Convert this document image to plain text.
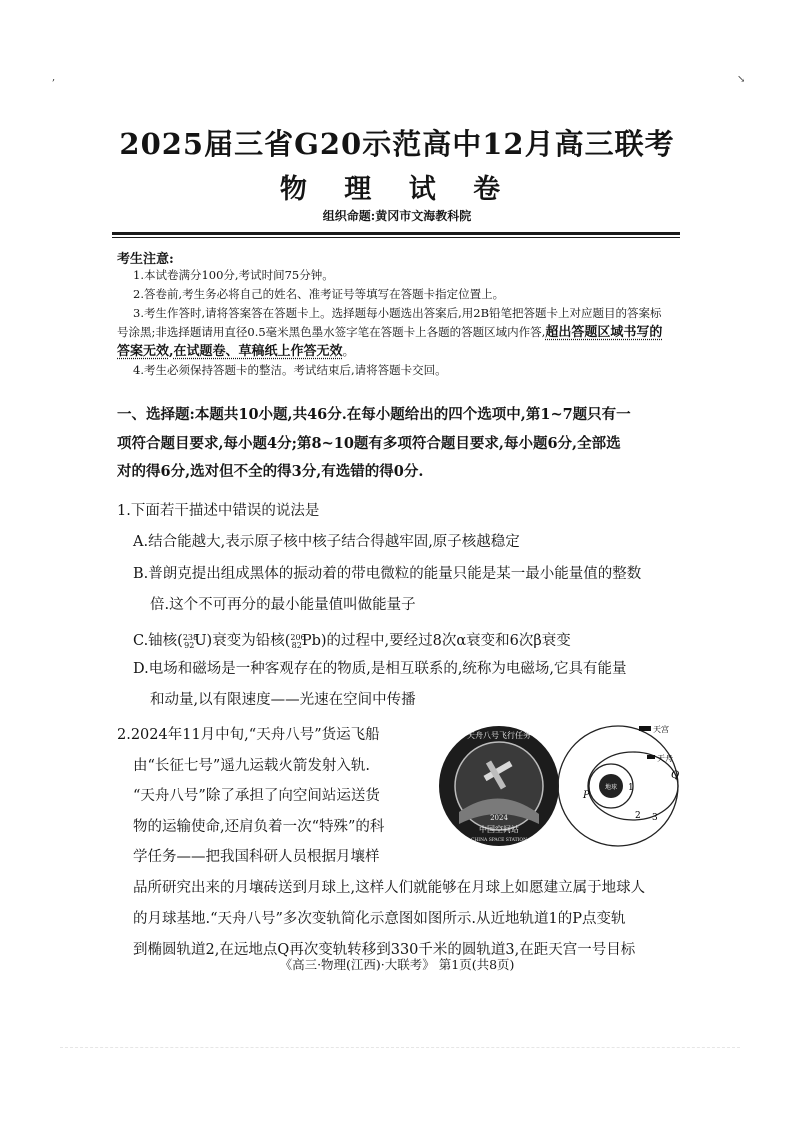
,	↘
2025届三省G20示范高中12月高三联考
物 理 试 卷
组织命题:黄冈市文海教科院
考生注意:
1.本试卷满分100分,考试时间75分钟。
2.答卷前,考生务必将自己的姓名、准考证号等填写在答题卡指定位置上。
3.考生作答时,请将答案答在答题卡上。选择题每小题选出答案后,用2B铅笔把答题卡上对应题目的答案标
号涂黑;非选择题请用直径0.5毫米黑色墨水签字笔在答题卡上各题的答题区域内作答,超出答题区域书写的
答案无效,在试题卷、草稿纸上作答无效。
4.考生必须保持答题卡的整洁。考试结束后,请将答题卡交回。
一、选择题:本题共10小题,共46分.在每小题给出的四个选项中,第1~7题只有一
项符合题目要求,每小题4分;第8~10题有多项符合题目要求,每小题6分,全部选
对的得6分,选对但不全的得3分,有选错的得0分.
1.下面若干描述中错误的说法是
A.结合能越大,表示原子核中核子结合得越牢固,原子核越稳定
B.普朗克提出组成黑体的振动着的带电微粒的能量只能是某一最小能量值的整数
倍.这个不可再分的最小能量值叫做能量子
C.铀核($^{238}_{92}$U)衰变为铅核($^{206}_{82}$Pb)的过程中,要经过8次α衰变和6次β衰变
D.电场和磁场是一种客观存在的物质,是相互联系的,统称为电磁场,它具有能量
和动量,以有限速度——光速在空间中传播
2.2024年11月中旬,“天舟八号”货运飞船
由“长征七号”遥九运载火箭发射入轨.
“天舟八号”除了承担了向空间站运送货
物的运输使命,还肩负着一次“特殊”的科
学任务——把我国科研人员根据月壤样
品所研究出来的月壤砖送到月球上,这样人们就能够在月球上如愿建立属于地球人
的月球基地.“天舟八号”多次变轨简化示意图如图所示.从近地轨道1的P点变轨
到椭圆轨道2,在远地点Q再次变轨转移到330千米的圆轨道3,在距天宫一号目标
天舟八号飞行任务
2024
中国空间站
CHINA SPACE STATION
地球
天宫
天舟
Q
P
1
2 3
《高三·物理(江西)·大联考》 第1页(共8页)
